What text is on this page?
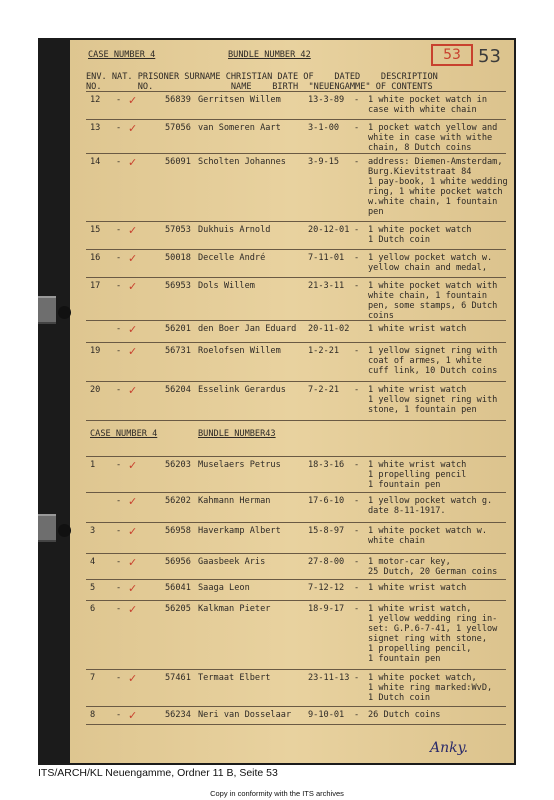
53 53
CASE NUMBER 4	BUNDLE NUMBER 42
ENV. NAT. PRISONER SURNAME CHRISTIAN DATE OF    DATED    DESCRIPTION
NO.       NO.               NAME    BIRTH  "NEUENGAMME" OF CONTENTS
CASE NUMBER 4	BUNDLE NUMBER43
Anky.
12 -	56839 Gerritsen Willem	13-3-89 - 1 white pocket watch in
case with white chain
✓
13 -	57056 van Someren Aart	3-1-00 - 1 pocket watch yellow and
white in case with withe
chain, 8 Dutch coins
✓
14 -	56091 Scholten Johannes	3-9-15 - address: Diemen-Amsterdam,
Burg.Kievitstraat 84
1 pay-book, 1 white wedding
ring, 1 white pocket watch
w.white chain, 1 fountain
pen
✓
15 -	57053 Dukhuis Arnold	20-12-01 - 1 white pocket watch
1 Dutch coin
✓
16 -	50018 Decelle André	7-11-01 - 1 yellow pocket watch w.
yellow chain and medal,
✓
17 -	56953 Dols Willem	21-3-11 - 1 white pocket watch with
white chain, 1 fountain
pen, some stamps, 6 Dutch
coins
✓
-	56201 den Boer Jan Eduard 20-11-02 1 white wrist watch
✓
19 -	56731 Roelofsen Willem	1-2-21 - 1 yellow signet ring with
coat of armes, 1 white
cuff link, 10 Dutch coins
✓
20 -	56204 Esselink Gerardus	7-2-21 - 1 white wrist watch
1 yellow signet ring with
stone, 1 fountain pen
✓
1 -	56203 Muselaers Petrus	18-3-16 - 1 white wrist watch
1 propelling pencil
1 fountain pen
✓
-	56202 Kahmann Herman	17-6-10 - 1 yellow pocket watch g.
date 8-11-1917.
✓
3 -	56958 Haverkamp Albert	15-8-97 - 1 white pocket watch w.
white chain
✓
4 -	56956 Gaasbeek Aris	27-8-00 - 1 motor-car key,
25 Dutch, 20 German coins
✓
5 -	56041 Saaga Leon	7-12-12 - 1 white wrist watch
✓
6 -	56205 Kalkman Pieter	18-9-17 - 1 white wrist watch,
1 yellow wedding ring in-
set: G.P.6-7-41, 1 yellow
signet ring with stone,
1 propelling pencil,
1 fountain pen
✓
7 -	57461 Termaat Elbert	23-11-13 - 1 white pocket watch,
1 white ring marked:WvD,
1 Dutch coin
✓
8 -	56234 Neri van Dosselaar 9-10-01 - 26 Dutch coins
✓
ITS/ARCH/KL Neuengamme, Ordner 11 B, Seite 53
Copy in conformity with the ITS archives
